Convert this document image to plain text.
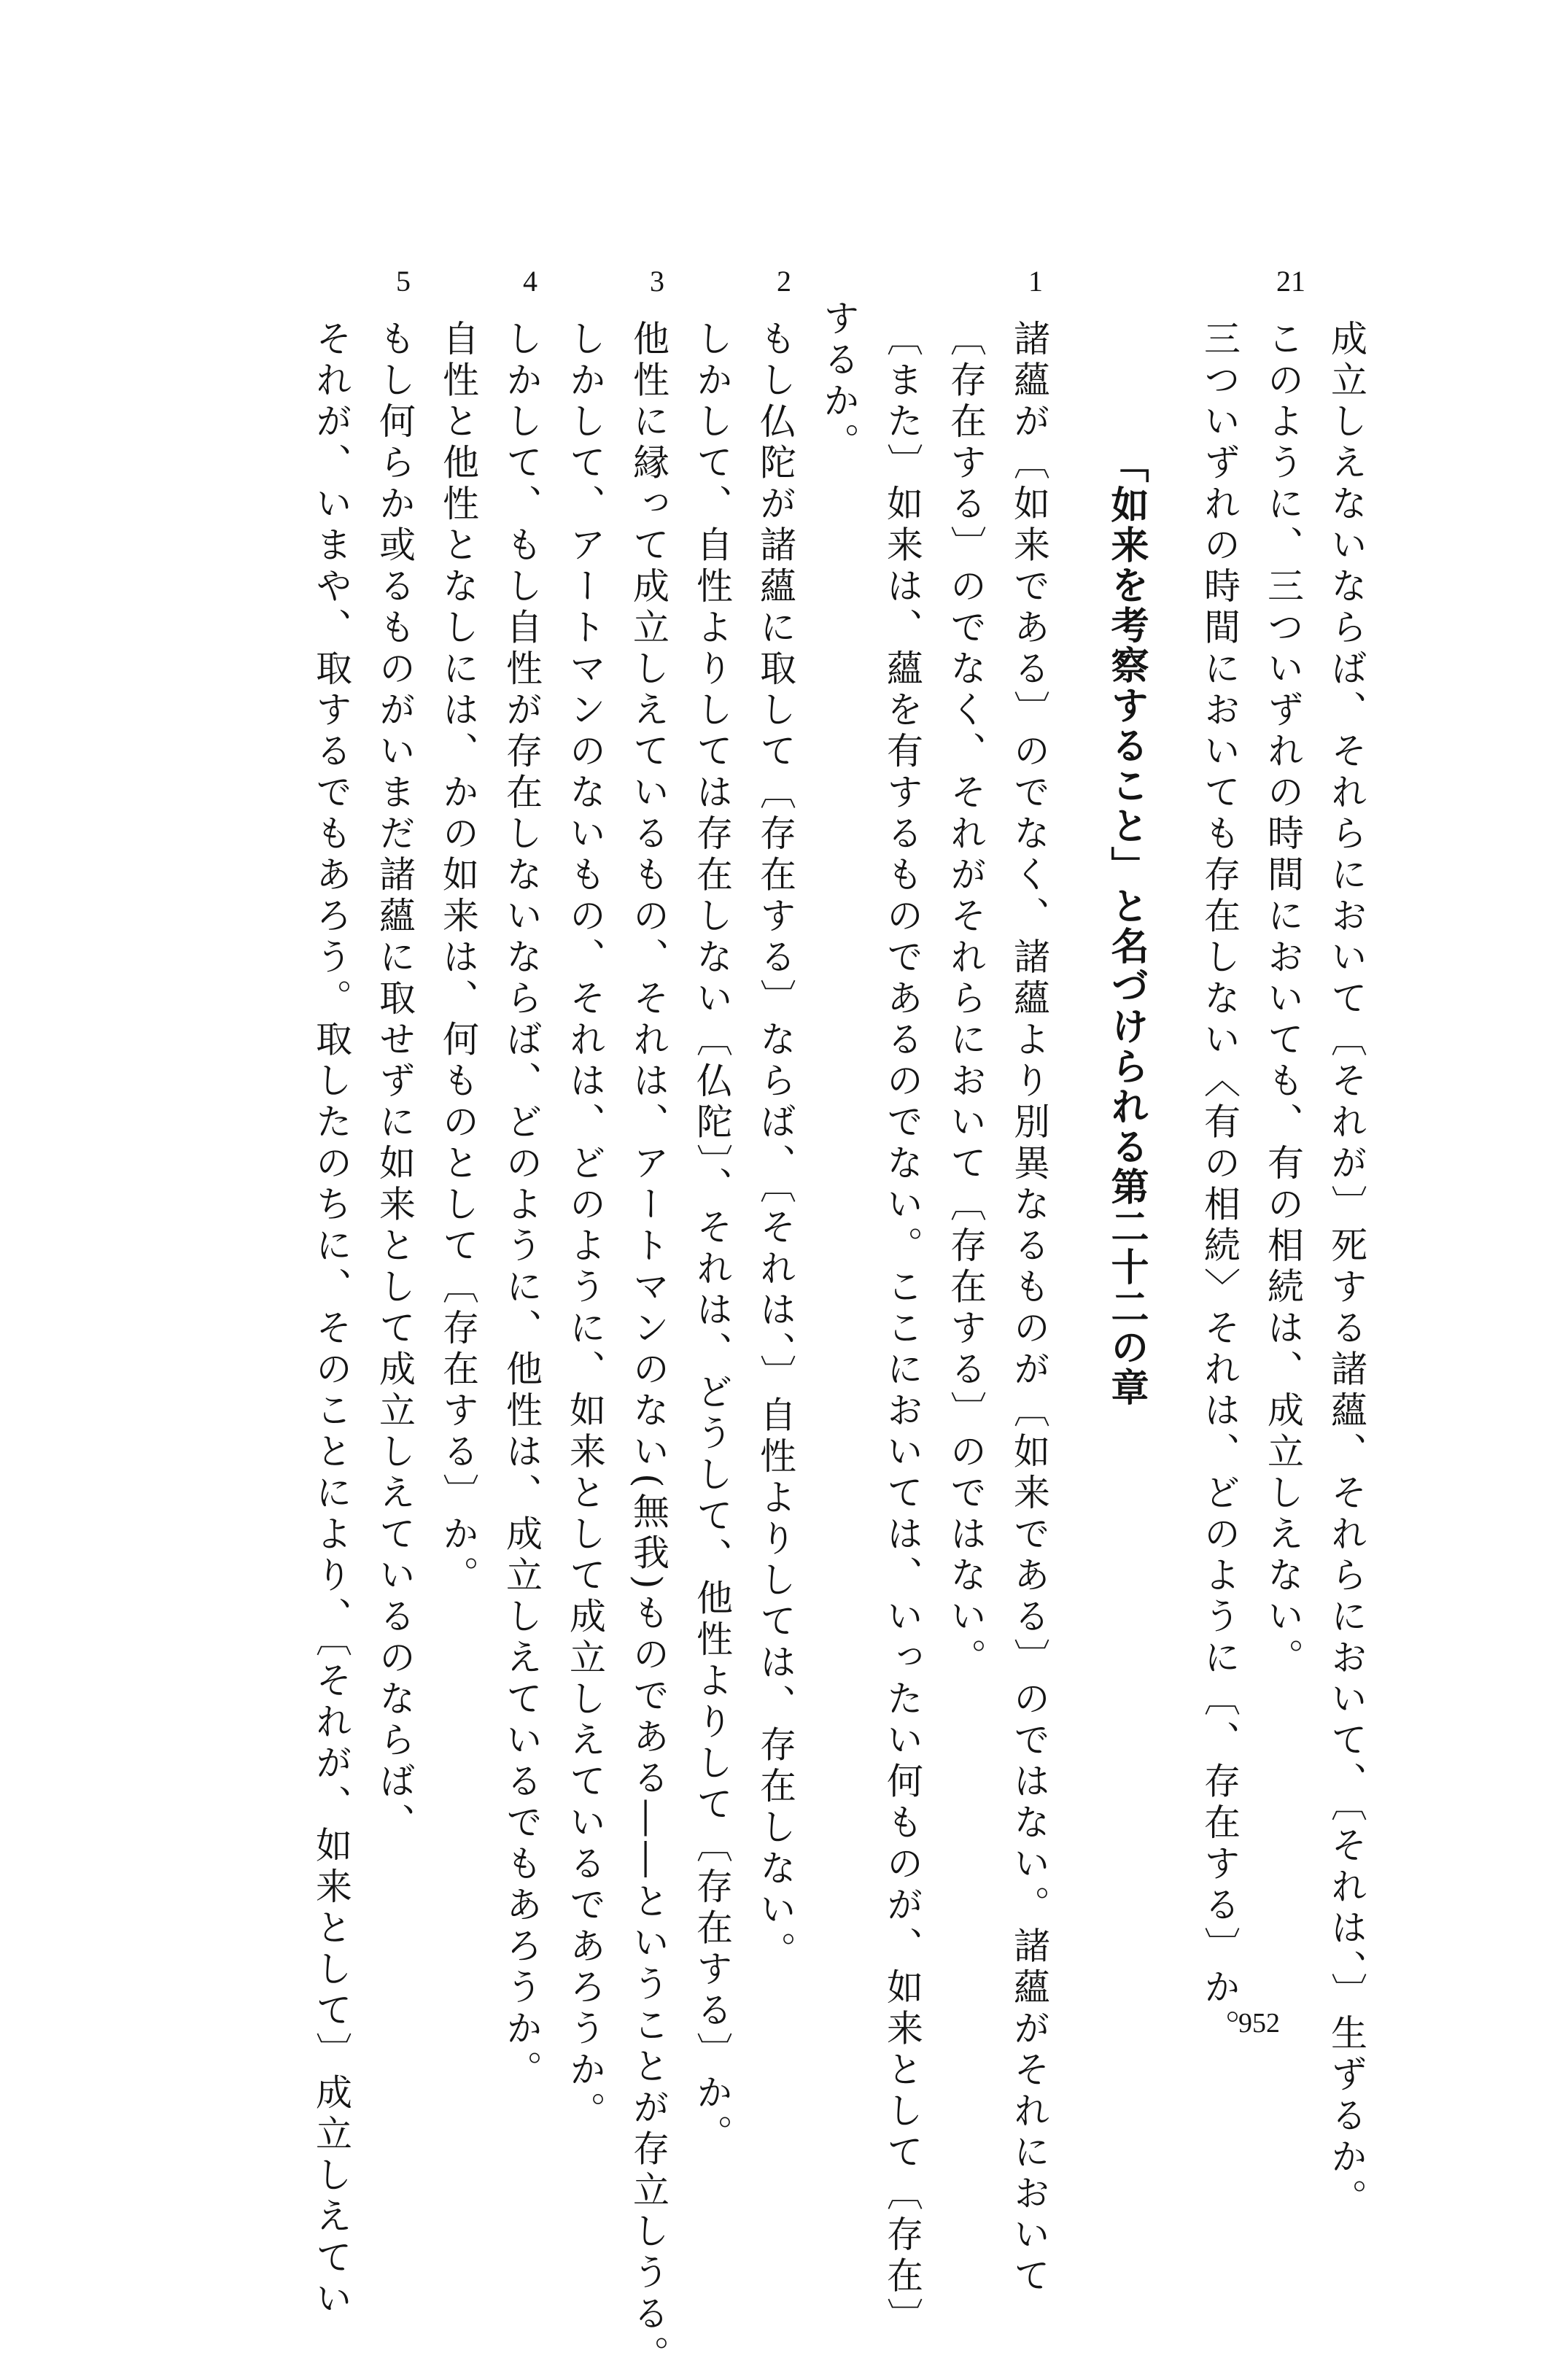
21
1
2
3
4
5
「如来を考察すること」と名づけられる第二十二の章	成立しえないならば、それらにおいて〔それが〕死する諸蘊、それらにおいて、〔それは、〕生ずるか。
このように、三ついずれの時間においても、有の相続は、成立しえない。
三ついずれの時間においても存在しない〈有の相続〉それは、どのように〔、存在する〕か。
諸蘊が〔如来である〕のでなく、諸蘊より別異なるものが〔如来である〕のではない。諸蘊がそれにおいて
〔存在する〕のでなく、それがそれらにおいて〔存在する〕のではない。
〔また〕如来は、蘊を有するものであるのでない。ここにおいては、いったい何ものが、如来として〔存在〕
するか。
もし仏陀が諸蘊に取して〔存在する〕ならば、〔それは、〕自性よりしては、存在しない。
しかして、自性よりしては存在しない〔仏陀〕、それは、どうして、他性よりして〔存在する〕か。
他性に縁って成立しえているもの、それは、アートマンのない(無我)ものである――ということが存立しうる。
しかして、アートマンのないもの、それは、どのように、如来として成立しえているであろうか。
しかして、もし自性が存在しないならば、どのように、他性は、成立しえているでもあろうか。
自性と他性となしには、かの如来は、何ものとして〔存在する〕か。
もし何らか或るものがいまだ諸蘊に取せずに如来として成立しえているのならば、
それが、いまや、取するでもあろう。取したのちに、そのことにより、〔それが、如来として〕成立しえてい	952
